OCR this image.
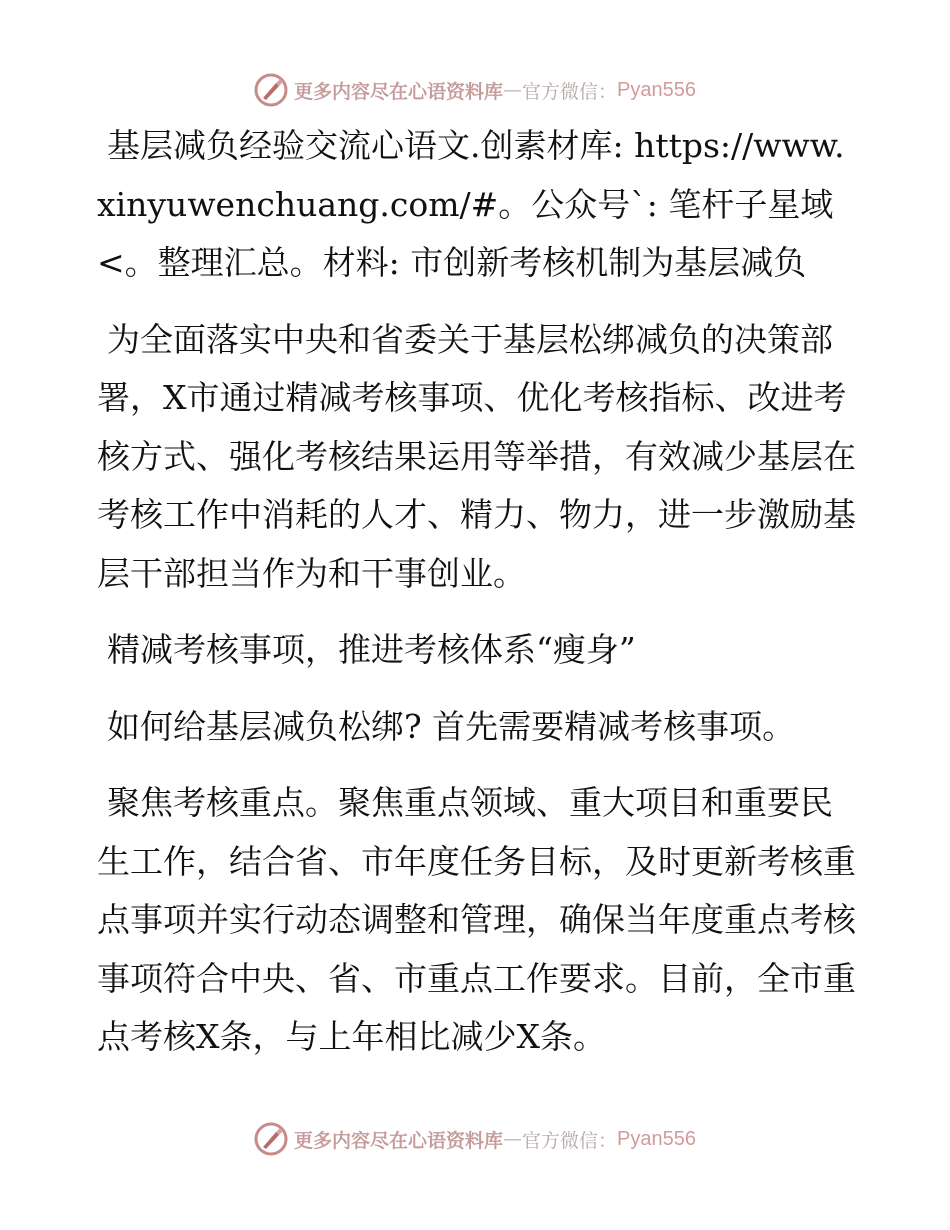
更多内容尽在心语资料库 — 官方微信： Pyan556

基层减负经验交流心语文.创素材库: https://www.xinyuwenchuang.com/#。公众号`: 笔杆子星域<。整理汇总。材料: 市创新考核机制为基层减负

为全面落实中央和省委关于基层松绑减负的决策部署，X市通过精减考核事项、优化考核指标、改进考核方式、强化考核结果运用等举措，有效减少基层在考核工作中消耗的人才、精力、物力，进一步激励基层干部担当作为和干事创业。

精减考核事项，推进考核体系“瘦身”

如何给基层减负松绑? 首先需要精减考核事项。

聚焦考核重点。聚焦重点领域、重大项目和重要民生工作，结合省、市年度任务目标，及时更新考核重点事项并实行动态调整和管理，确保当年度重点考核事项符合中央、省、市重点工作要求。目前，全市重点考核X条，与上年相比减少X条。

更多内容尽在心语资料库 — 官方微信： Pyan556
